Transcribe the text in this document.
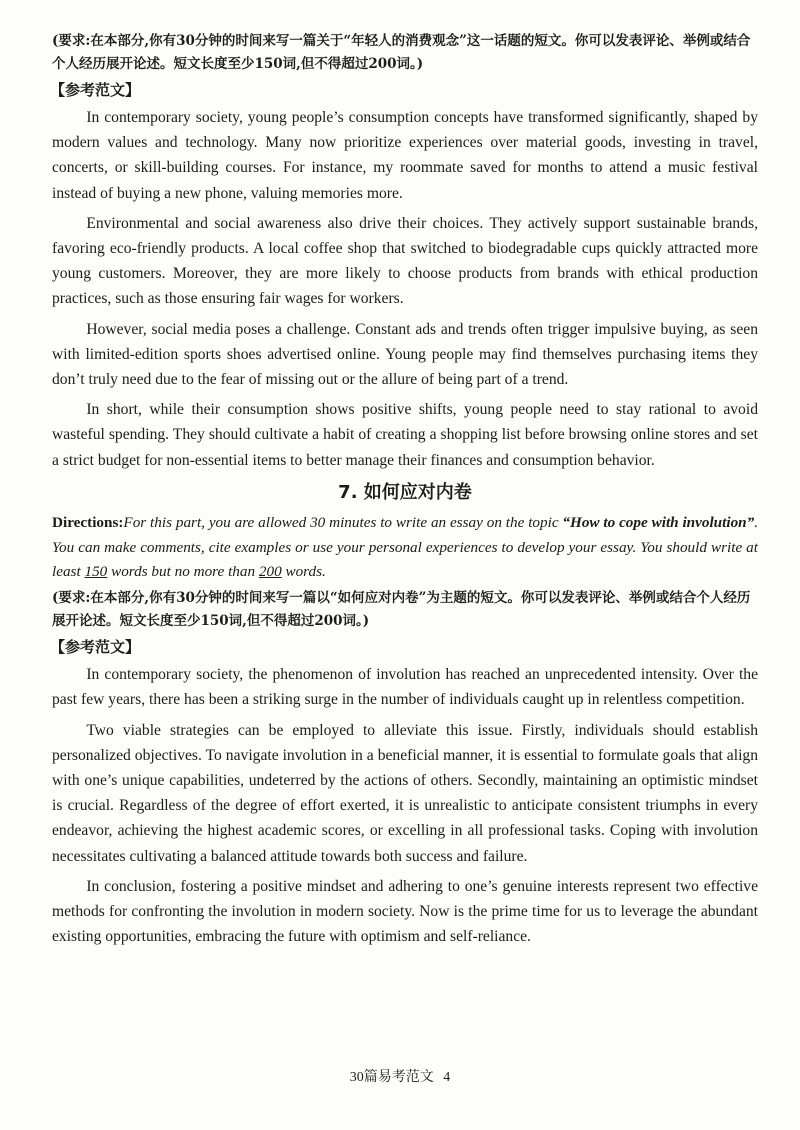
(要求:在本部分,你有30分钟的时间来写一篇关于“年轻人的消费观念”这一话题的短文。你可以发表评论、举例或结合个人经历展开论述。短文长度至少150词,但不得超过200词。)

【参考范文】

In contemporary society, young people’s consumption concepts have transformed significantly, shaped by modern values and technology. Many now prioritize experiences over material goods, investing in travel, concerts, or skill-building courses. For instance, my roommate saved for months to attend a music festival instead of buying a new phone, valuing memories more.

Environmental and social awareness also drive their choices. They actively support sustainable brands, favoring eco-friendly products. A local coffee shop that switched to biodegradable cups quickly attracted more young customers. Moreover, they are more likely to choose products from brands with ethical production practices, such as those ensuring fair wages for workers.

However, social media poses a challenge. Constant ads and trends often trigger impulsive buying, as seen with limited-edition sports shoes advertised online. Young people may find themselves purchasing items they don’t truly need due to the fear of missing out or the allure of being part of a trend.

In short, while their consumption shows positive shifts, young people need to stay rational to avoid wasteful spending. They should cultivate a habit of creating a shopping list before browsing online stores and set a strict budget for non-essential items to better manage their finances and consumption behavior.

7. 如何应对内卷

Directions:For this part, you are allowed 30 minutes to write an essay on the topic “How to cope with involution”. You can make comments, cite examples or use your personal experiences to develop your essay. You should write at least 150 words but no more than 200 words.

(要求:在本部分,你有30分钟的时间来写一篇以“如何应对内卷”为主题的短文。你可以发表评论、举例或结合个人经历展开论述。短文长度至少150词,但不得超过200词。)

【参考范文】

In contemporary society, the phenomenon of involution has reached an unprecedented intensity. Over the past few years, there has been a striking surge in the number of individuals caught up in relentless competition.

Two viable strategies can be employed to alleviate this issue. Firstly, individuals should establish personalized objectives. To navigate involution in a beneficial manner, it is essential to formulate goals that align with one’s unique capabilities, undeterred by the actions of others. Secondly, maintaining an optimistic mindset is crucial. Regardless of the degree of effort exerted, it is unrealistic to anticipate consistent triumphs in every endeavor, achieving the highest academic scores, or excelling in all professional tasks. Coping with involution necessitates cultivating a balanced attitude towards both success and failure.

In conclusion, fostering a positive mindset and adhering to one’s genuine interests represent two effective methods for confronting the involution in modern society. Now is the prime time for us to leverage the abundant existing opportunities, embracing the future with optimism and self-reliance.

30篇易考范文 4
